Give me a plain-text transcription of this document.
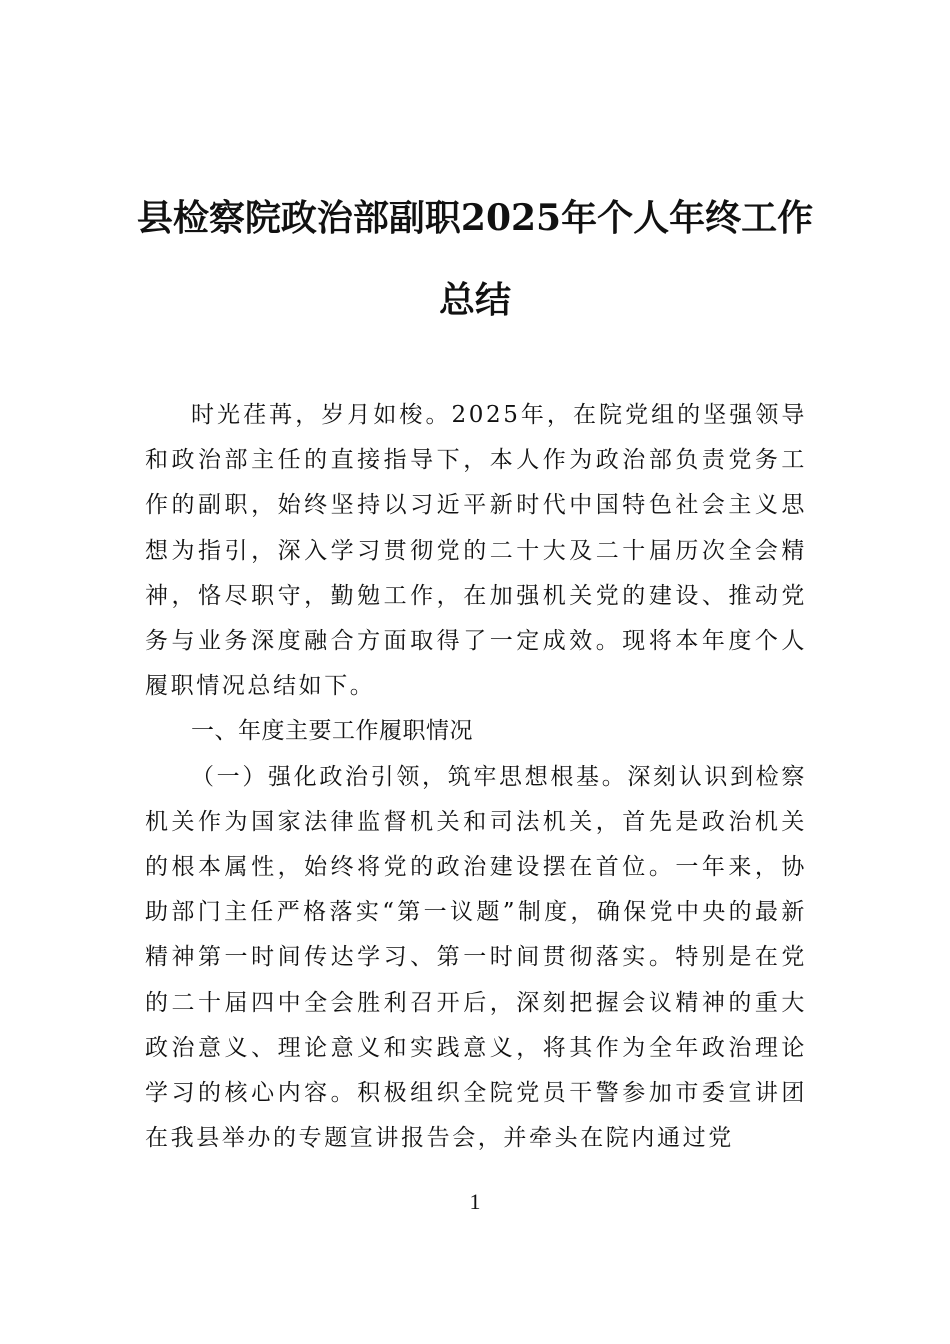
县检察院政治部副职2025年个人年终工作
总结

时光荏苒，岁月如梭。2025年，在院党组的坚强领导和政治部主任的直接指导下，本人作为政治部负责党务工作的副职，始终坚持以习近平新时代中国特色社会主义思想为指引，深入学习贯彻党的二十大及二十届历次全会精神，恪尽职守，勤勉工作，在加强机关党的建设、推动党务与业务深度融合方面取得了一定成效。现将本年度个人履职情况总结如下。

一、年度主要工作履职情况

（一）强化政治引领，筑牢思想根基。深刻认识到检察机关作为国家法律监督机关和司法机关，首先是政治机关的根本属性，始终将党的政治建设摆在首位。一年来，协助部门主任严格落实“第一议题”制度，确保党中央的最新精神第一时间传达学习、第一时间贯彻落实。特别是在党的二十届四中全会胜利召开后，深刻把握会议精神的重大政治意义、理论意义和实践意义，将其作为全年政治理论学习的核心内容。积极组织全院党员干警参加市委宣讲团在我县举办的专题宣讲报告会，并牵头在院内通过党

1
